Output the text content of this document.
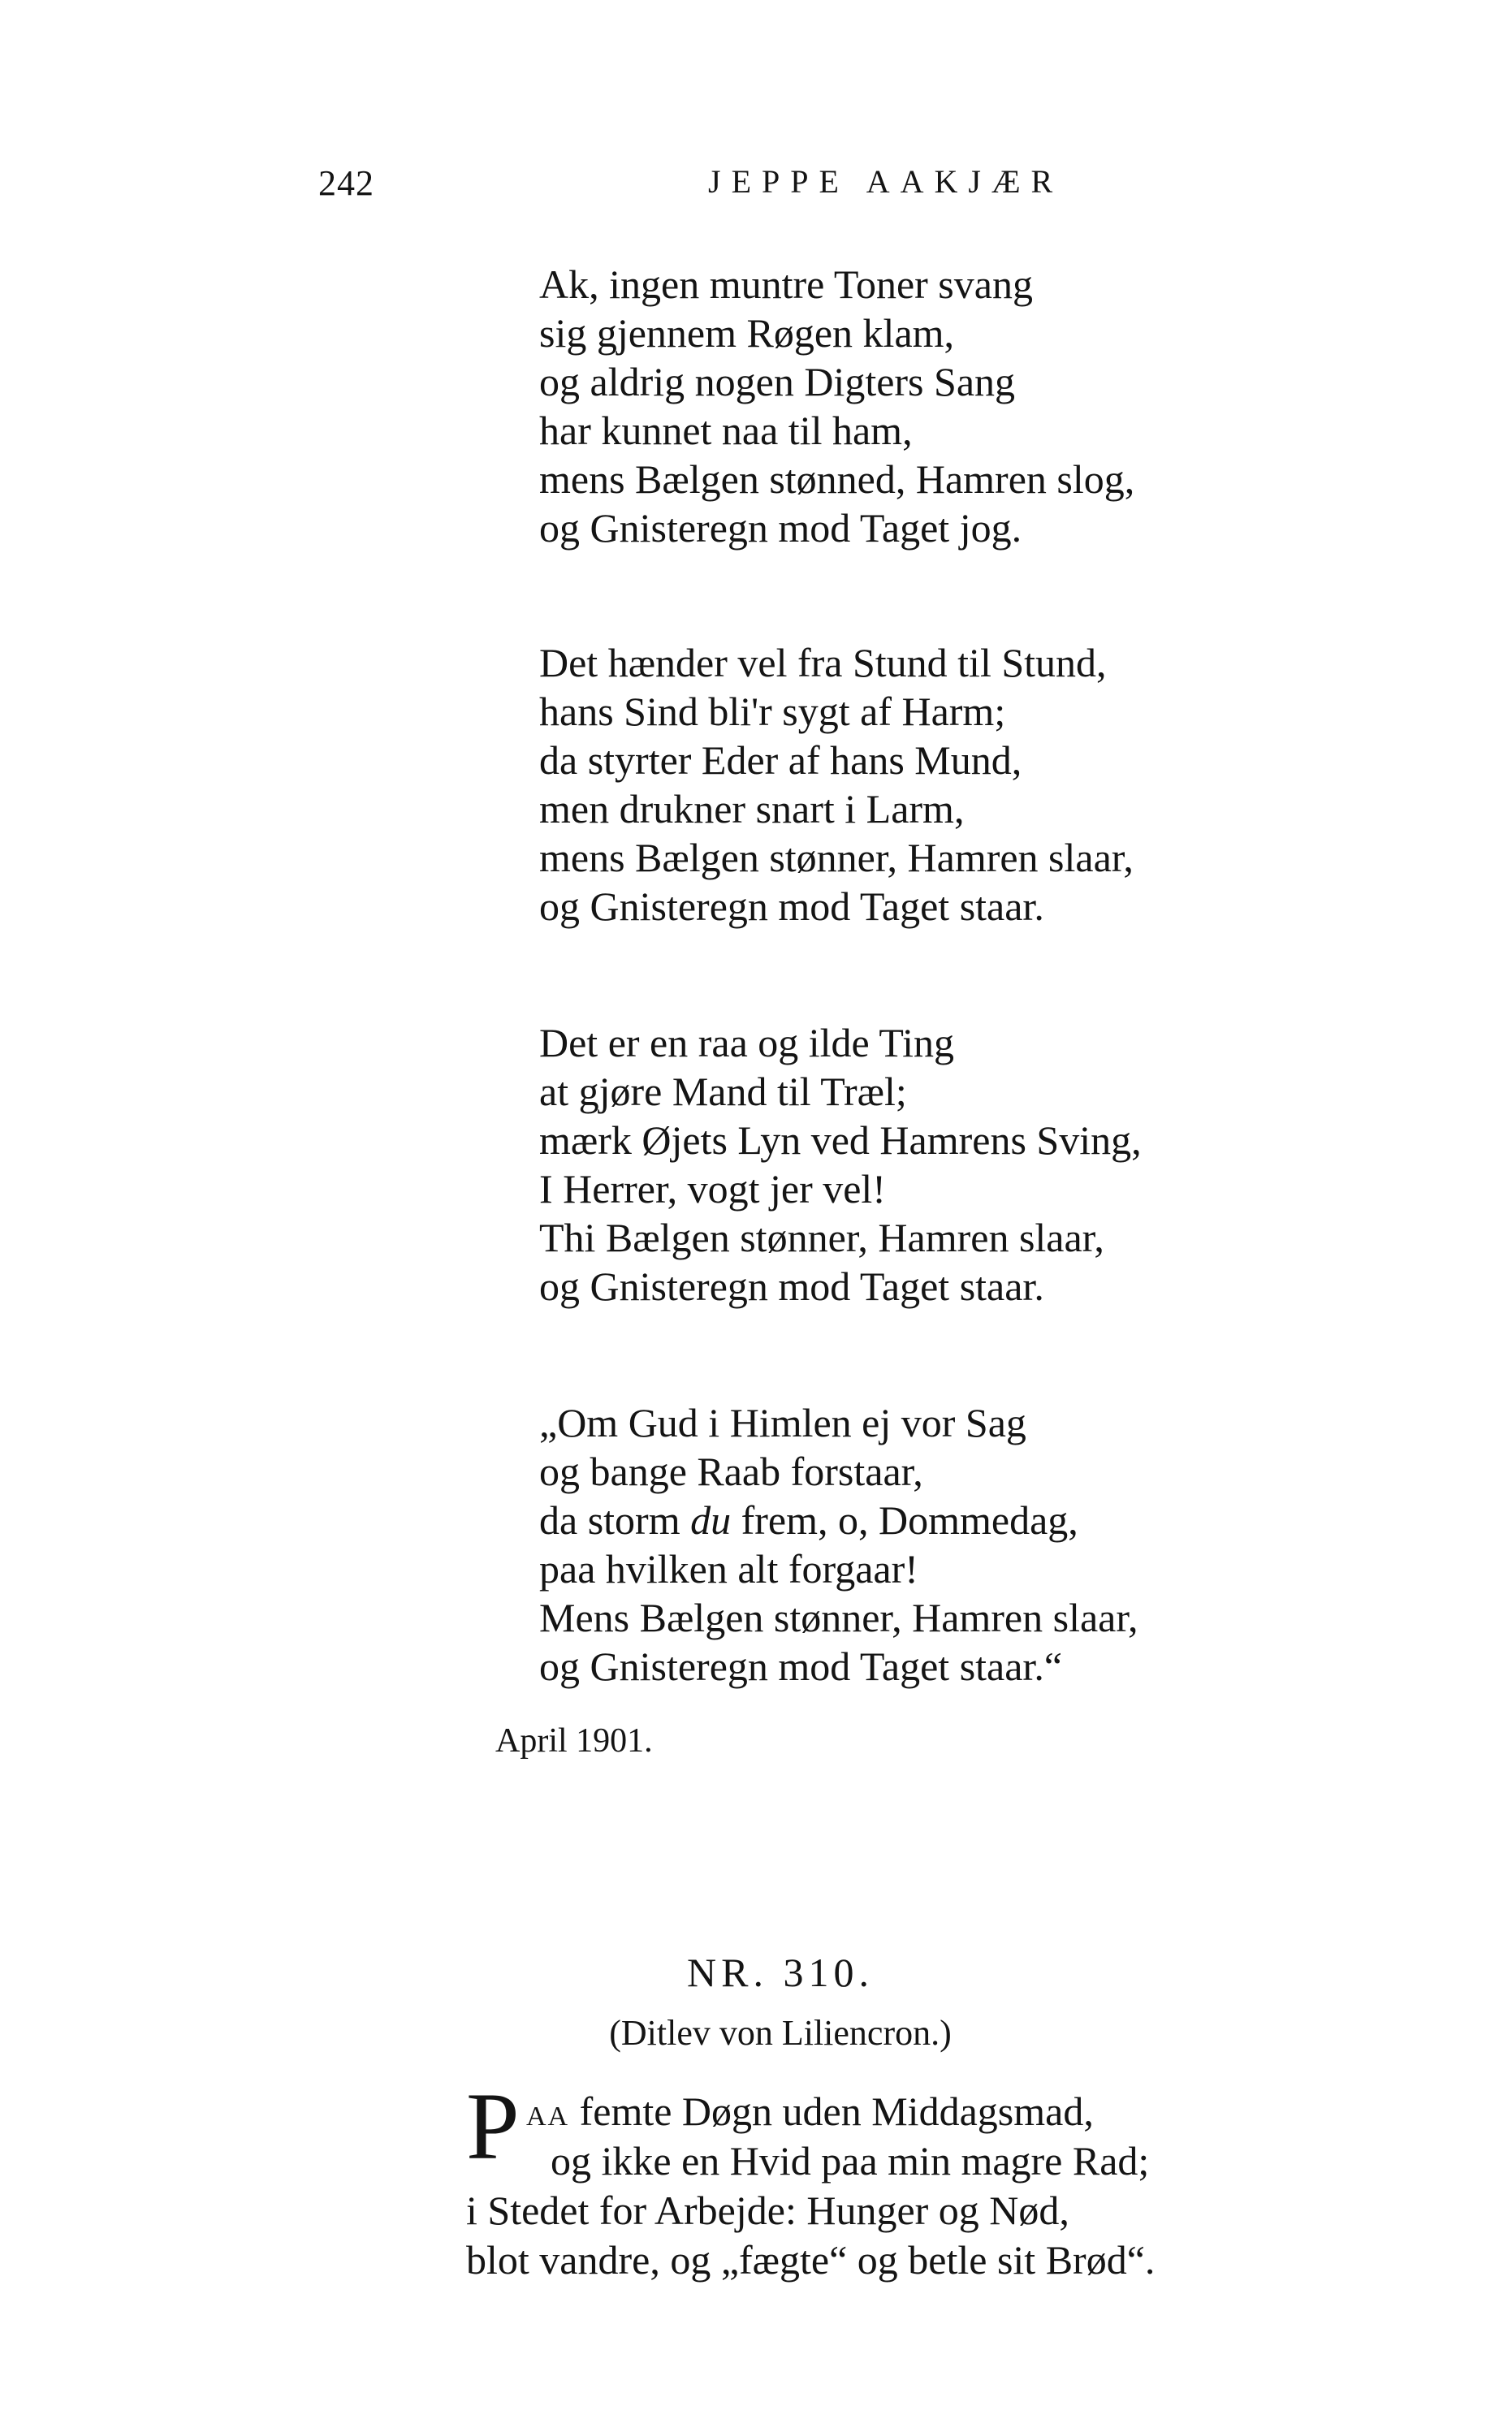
242	JEPPE AAKJÆR
Ak, ingen muntre Toner svang
sig gjennem Røgen klam,
og aldrig nogen Digters Sang
har kunnet naa til ham,
mens Bælgen stønned, Hamren slog,
og Gnisteregn mod Taget jog.
Det hænder vel fra Stund til Stund,
hans Sind bli'r sygt af Harm;
da styrter Eder af hans Mund,
men drukner snart i Larm,
mens Bælgen stønner, Hamren slaar,
og Gnisteregn mod Taget staar.
Det er en raa og ilde Ting
at gjøre Mand til Træl;
mærk Øjets Lyn ved Hamrens Sving,
I Herrer, vogt jer vel!
Thi Bælgen stønner, Hamren slaar,
og Gnisteregn mod Taget staar.
„Om Gud i Himlen ej vor Sag
og bange Raab forstaar,
da storm du frem, o, Dommedag,
paa hvilken alt forgaar!
Mens Bælgen stønner, Hamren slaar,
og Gnisteregn mod Taget staar.“
April 1901.
NR. 310.
(Ditlev von Liliencron.)
P AA femte Døgn uden Middagsmad,
og ikke en Hvid paa min magre Rad;
i Stedet for Arbejde: Hunger og Nød,
blot vandre, og „fægte“ og betle sit Brød“.
